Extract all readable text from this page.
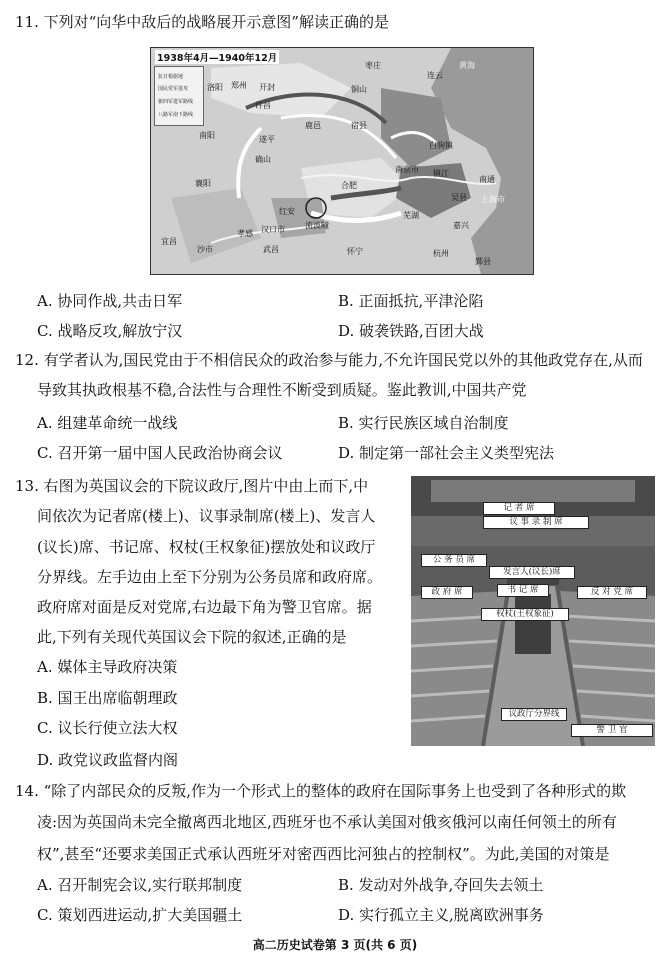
11. 下列对“向华中敌后的战略展开示意图”解读正确的是
1938年4月—1940年12月
抗日根据地
国民党军进攻
新四军进军路线
八路军南下路线
黄海
洛阳 郑州 开封
枣庄
连云
许昌
铜山
宿县
南阳	遂平
确山
鹿邑
白驹镇
襄阳
南京市 镇江
南通
合肥
上海市
芜湖
吴县
红安
流波疃	嘉兴
宜昌
沙市
孝感 汉口市
武昌	怀宁	杭州
鄞县
A. 协同作战,共击日军	B. 正面抵抗,平津沦陷
C. 战略反攻,解放宁汉	D. 破袭铁路,百团大战
12. 有学者认为,国民党由于不相信民众的政治参与能力,不允许国民党以外的其他政党存在,从而
导致其执政根基不稳,合法性与合理性不断受到质疑。鉴此教训,中国共产党
A. 组建革命统一战线	B. 实行民族区域自治制度
C. 召开第一届中国人民政治协商会议	D. 制定第一部社会主义类型宪法
13. 右图为英国议会的下院议政厅,图片中由上而下,中
间依次为记者席(楼上)、议事录制席(楼上)、发言人
(议长)席、书记席、权杖(王权象征)摆放处和议政厅
分界线。左手边由上至下分别为公务员席和政府席。
政府席对面是反对党席,右边最下角为警卫官席。据
此,下列有关现代英国议会下院的叙述,正确的是
A. 媒体主导政府决策
B. 国王出席临朝理政
C. 议长行使立法大权
D. 政党议政监督内阁
记 者 席
议 事 录 制 席
公 务 员 席
发言人(议长)席
政 府 席	书 记 席	反 对 党 席
权杖(王权象征)
议政厅分界线
警 卫 官
14. “除了内部民众的反叛,作为一个形式上的整体的政府在国际事务上也受到了各种形式的欺
凌:因为英国尚未完全撤离西北地区,西班牙也不承认美国对俄亥俄河以南任何领土的所有
权”,甚至“还要求美国正式承认西班牙对密西西比河独占的控制权”。为此,美国的对策是
A. 召开制宪会议,实行联邦制度	B. 发动对外战争,夺回失去领土
C. 策划西进运动,扩大美国疆土	D. 实行孤立主义,脱离欧洲事务
高二历史试卷第 3 页(共 6 页)
